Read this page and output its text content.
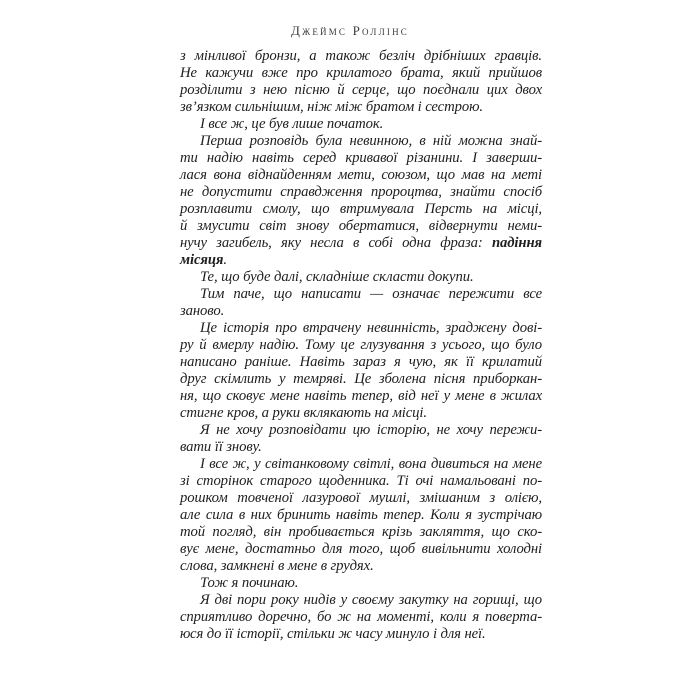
Джеймс Роллінс
з мінливої бронзи, а також безліч дрібніших гравців.
Не кажучи вже про крилатого брата, який прийшов
розділити з нею пісню й серце, що поєднали цих двох
зв’язком сильнішим, ніж між братом і сестрою.
І все ж, це був лише початок.
Перша розповідь була невинною, в ній можна знай-
ти надію навіть серед кривавої різанини. І заверши-
лася вона віднайденням мети, союзом, що мав на меті
не допустити справдження пророцтва, знайти спосіб
розплавити смолу, що втримувала Персть на місці,
й змусити світ знову обертатися, відвернути неми-
нучу загибель, яку несла в собі одна фраза: падіння
місяця.
Те, що буде далі, складніше скласти докупи.
Тим паче, що написати — означає пережити все
заново.
Це історія про втрачену невинність, зраджену дові-
ру й вмерлу надію. Тому це глузування з усього, що було
написано раніше. Навіть зараз я чую, як її крилатий
друг скімлить у темряві. Це зболена пісня приборкан-
ня, що сковує мене навіть тепер, від неї у мене в жилах
стигне кров, а руки вклякають на місці.
Я не хочу розповідати цю історію, не хочу пережи-
вати її знову.
І все ж, у світанковому світлі, вона дивиться на мене
зі сторінок старого щоденника. Ті очі намальовані по-
рошком товченої лазурової мушлі, змішаним з олією,
але сила в них бринить навіть тепер. Коли я зустрічаю
той погляд, він пробивається крізь закляття, що ско-
вує мене, достатньо для того, щоб вивільнити холодні
слова, замкнені в мене в грудях.
Тож я починаю.
Я дві пори року нидів у своєму закутку на горищі, що
сприятливо доречно, бо ж на моменті, коли я поверта-
юся до її історії, стільки ж часу минуло і для неї.
